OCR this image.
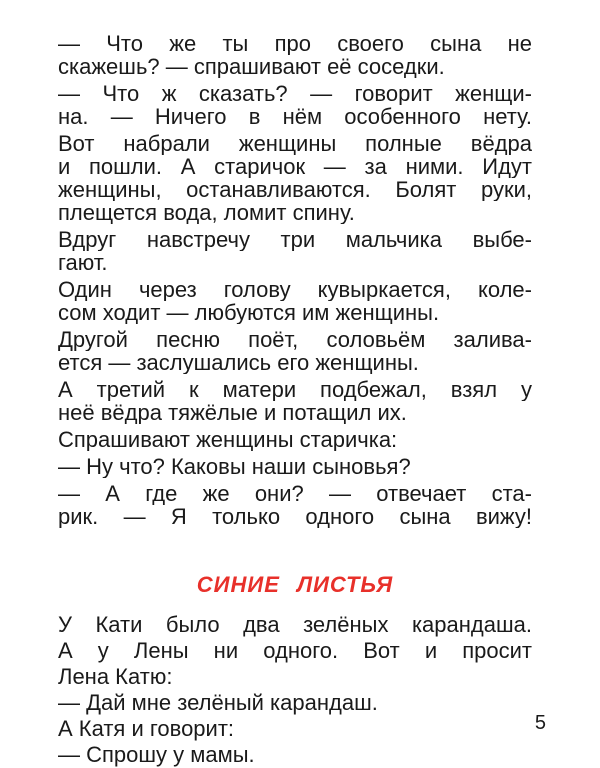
— Что же ты про своего сына не
скажешь? — спрашивают её соседки.
— Что ж сказать? — говорит женщи-
на. — Ничего в нём особенного нету.
Вот набрали женщины полные вёдра
и пошли. А старичок — за ними. Идут
женщины, останавливаются. Болят руки,
плещется вода, ломит спину.
Вдруг навстречу три мальчика выбе-
гают.
Один через голову кувыркается, коле-
сом ходит — любуются им женщины.
Другой песню поёт, соловьём залива-
ется — заслушались его женщины.
А третий к матери подбежал, взял у
неё вёдра тяжёлые и потащил их.
Спрашивают женщины старичка:
— Ну что? Каковы наши сыновья?
— А где же они? — отвечает ста-
рик. — Я только одного сына вижу!
СИНИЕ ЛИСТЬЯ
У Кати было два зелёных карандаша.
А у Лены ни одного. Вот и просит
Лена Катю:
— Дай мне зелёный карандаш.
А Катя и говорит:
— Спрошу у мамы.
5
